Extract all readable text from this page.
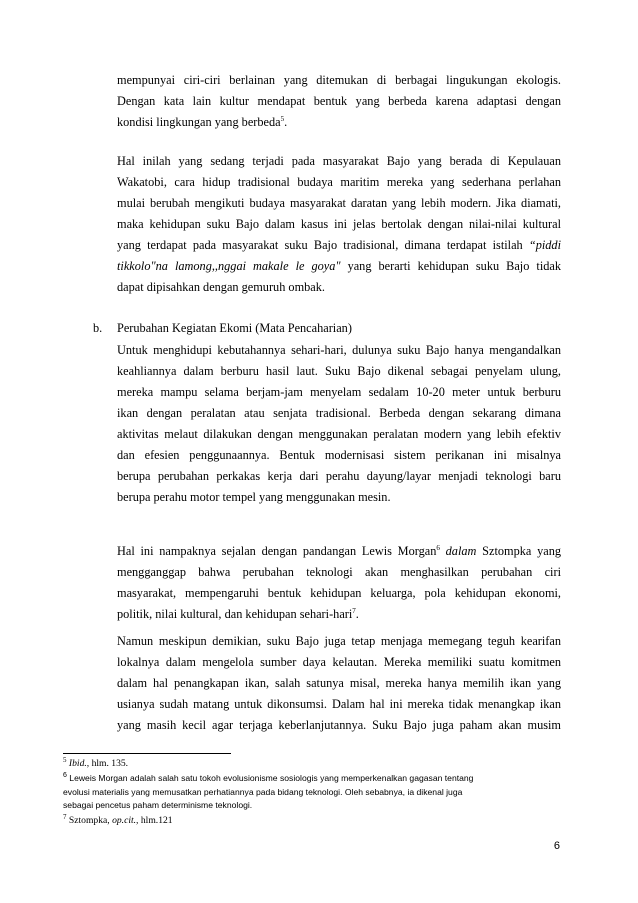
mempunyai ciri-ciri berlainan yang ditemukan di berbagai lingukungan ekologis.
Dengan kata lain kultur mendapat bentuk yang berbeda karena adaptasi dengan
kondisi lingkungan yang berbeda$^5$.
Hal inilah yang sedang terjadi pada masyarakat Bajo yang berada di Kepulauan
Wakatobi, cara hidup tradisional budaya maritim mereka yang sederhana perlahan
mulai berubah mengikuti budaya masyarakat daratan yang lebih modern. Jika diamati,
maka kehidupan suku Bajo dalam kasus ini jelas bertolak dengan nilai-nilai kultural
yang terdapat pada masyarakat suku Bajo tradisional, dimana terdapat istilah “piddi
tikkolo"na lamong,,nggai makale le goya" yang berarti kehidupan suku Bajo tidak
dapat dipisahkan dengan gemuruh ombak.
b. Perubahan Kegiatan Ekomi (Mata Pencaharian)
Untuk menghidupi kebutahannya sehari-hari, dulunya suku Bajo hanya mengandalkan
keahliannya dalam berburu hasil laut. Suku Bajo dikenal sebagai penyelam ulung,
mereka mampu selama berjam-jam menyelam sedalam 10-20 meter untuk berburu
ikan dengan peralatan atau senjata tradisional. Berbeda dengan sekarang dimana
aktivitas melaut dilakukan dengan menggunakan peralatan modern yang lebih efektiv
dan efesien penggunaannya. Bentuk modernisasi sistem perikanan ini misalnya
berupa perubahan perkakas kerja dari perahu dayung/layar menjadi teknologi baru
berupa perahu motor tempel yang menggunakan mesin.
Hal ini nampaknya sejalan dengan pandangan Lewis Morgan$^6$ dalam Sztompka yang
mengganggap bahwa perubahan teknologi akan menghasilkan perubahan ciri
masyarakat, mempengaruhi bentuk kehidupan keluarga, pola kehidupan ekonomi,
politik, nilai kultural, dan kehidupan sehari-hari$^7$.
Namun meskipun demikian, suku Bajo juga tetap menjaga memegang teguh kearifan
lokalnya dalam mengelola sumber daya kelautan. Mereka memiliki suatu komitmen
dalam hal penangkapan ikan, salah satunya misal, mereka hanya memilih ikan yang
usianya sudah matang untuk dikonsumsi. Dalam hal ini mereka tidak menangkap ikan
yang masih kecil agar terjaga keberlanjutannya. Suku Bajo juga paham akan musim
$^5$ Ibid., hlm. 135.
$^6$ Leweis Morgan adalah salah satu tokoh evolusionisme sosiologis yang memperkenalkan gagasan tentang
evolusi materialis yang memusatkan perhatiannya pada bidang teknologi. Oleh sebabnya, ia dikenal juga
sebagai pencetus paham determinisme teknologi.
$^7$ Sztompka, op.cit., hlm.121
6
